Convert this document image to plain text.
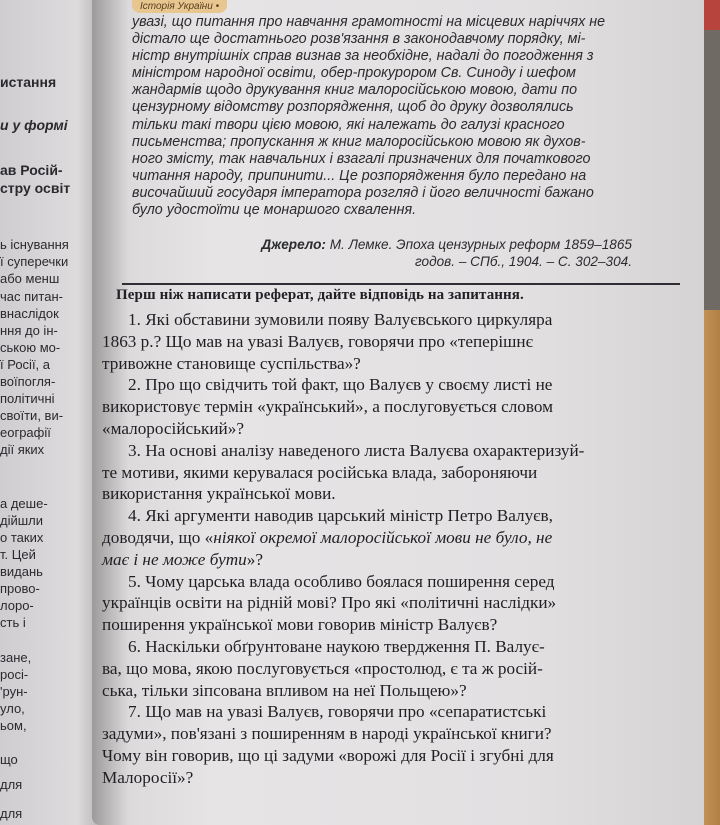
истання
и у формі
ав Росій-
стру освіт
ь існування
ї суперечки
або менш
час питан-
внаслідок
ння до ін-
ською мо-
ї Росії, а
воїпогля-
політичні
своїти, ви-
еографії
дії яких
а деше-
дійшли
о таких
т. Цей
видань
прово-
лоро-
сть і
зане,
росі-
'рун-
уло,
ьом,
що
для
для
Історія України •

увазі, що питання про навчання грамотності на місцевих наріччях не

дістало ще достатнього розв'язання в законодавчому порядку, мі-

ністр внутрішніх справ визнав за необхідне, надалі до погодження з

міністром народної освіти, обер-прокурором Св. Синоду і шефом

жандармів щодо друкування книг малоросійською мовою, дати по

цензурному відомству розпорядження, щоб до друку дозволялись

тільки такі твори цією мовою, які належать до галузі красного

письменства; пропускання ж книг малоросійською мовою як духов-

ного змісту, так навчальних і взагалі призначених для початкового

читання народу, припинити... Це розпорядження було передано на

височайший государя імператора розгляд і його величності бажано

було удостоїти це монаршого схвалення.

Джерело: М. Лемке. Эпоха цензурных реформ 1859–1865
годов. – СПб., 1904. – С. 302–304.
Перш ніж написати реферат, дайте відповідь на запитання.
1. Які обставини зумовили появу Валуєвського циркуляра
1863 р.? Що мав на увазі Валуєв, говорячи про «теперішнє
тривожне становище суспільства»?
2. Про що свідчить той факт, що Валуєв у своєму листі не
використовує термін «український», а послуговується словом
«малоросійський»?
3. На основі аналізу наведеного листа Валуєва охарактеризуй-
те мотиви, якими керувалася російська влада, забороняючи
використання української мови.
4. Які аргументи наводив царський міністр Петро Валуєв,
доводячи, що «ніякої окремої малоросійської мови не було, не
має і не може бути»?
5. Чому царська влада особливо боялася поширення серед
українців освіти на рідній мові? Про які «політичні наслідки»
поширення української мови говорив міністр Валуєв?
6. Наскільки обґрунтоване наукою твердження П. Валує-
ва, що мова, якою послуговується «простолюд, є та ж росій-
ська, тільки зіпсована впливом на неї Польщею»?
7. Що мав на увазі Валуєв, говорячи про «сепаратистські
задуми», пов'язані з поширенням в народі української книги?
Чому він говорив, що ці задуми «ворожі для Росії і згубні для
Малоросії»?
